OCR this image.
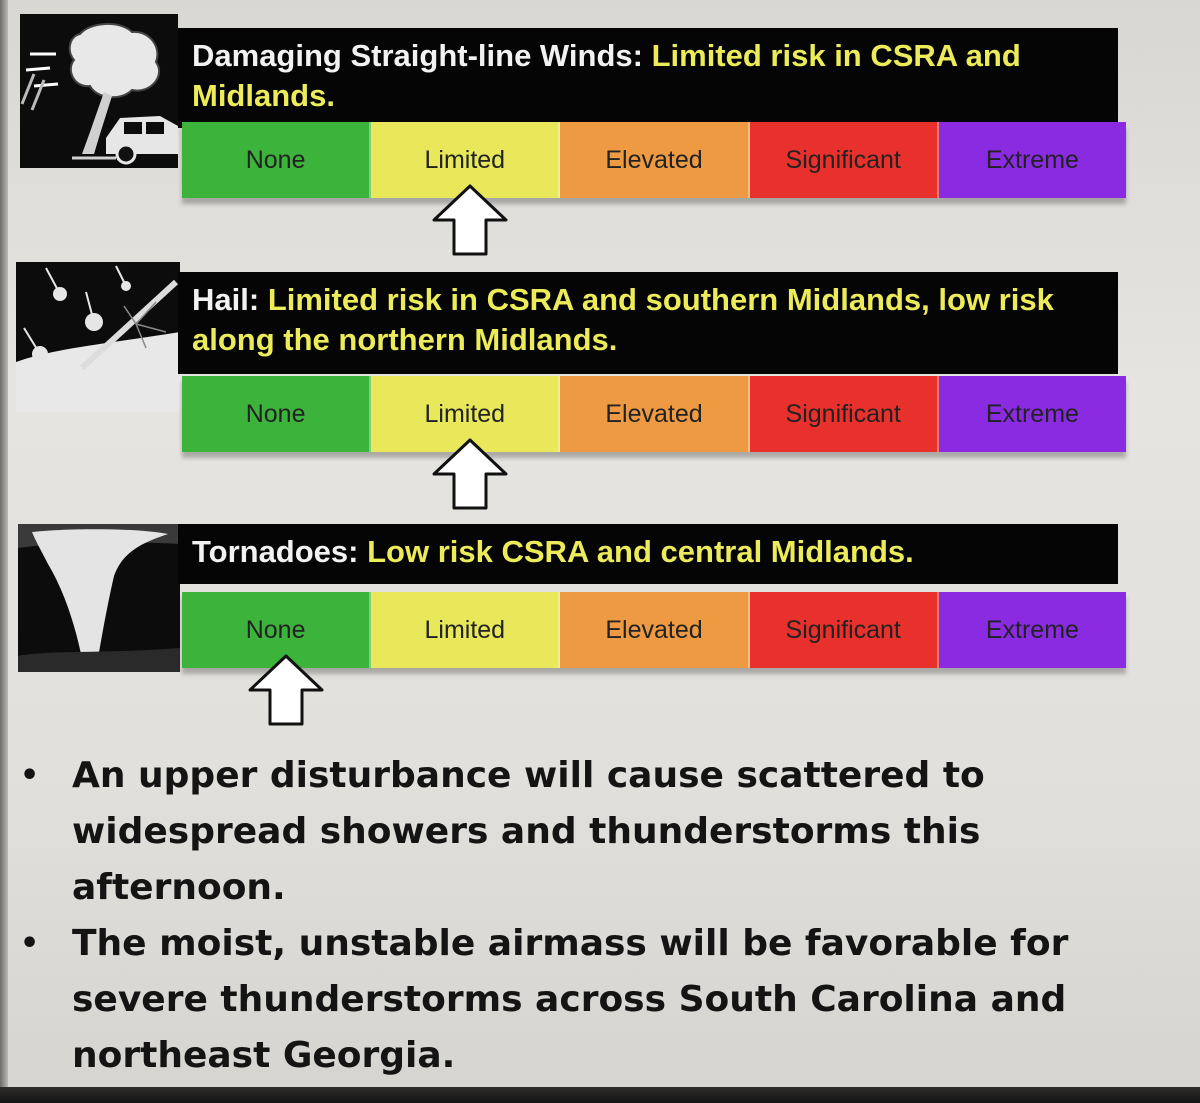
Damaging Straight-line Winds: Limited risk in CSRA and Midlands.
None	Limited	Elevated	Significant	Extreme
Hail: Limited risk in CSRA and southern Midlands, low risk along the northern Midlands.
None	Limited	Elevated	Significant	Extreme
Tornadoes: Low risk CSRA and central Midlands.
None	Limited	Elevated	Significant	Extreme
• An upper disturbance will cause scattered to widespread showers and thunderstorms this afternoon.
• The moist, unstable airmass will be favorable for severe thunderstorms across South Carolina and northeast Georgia.
